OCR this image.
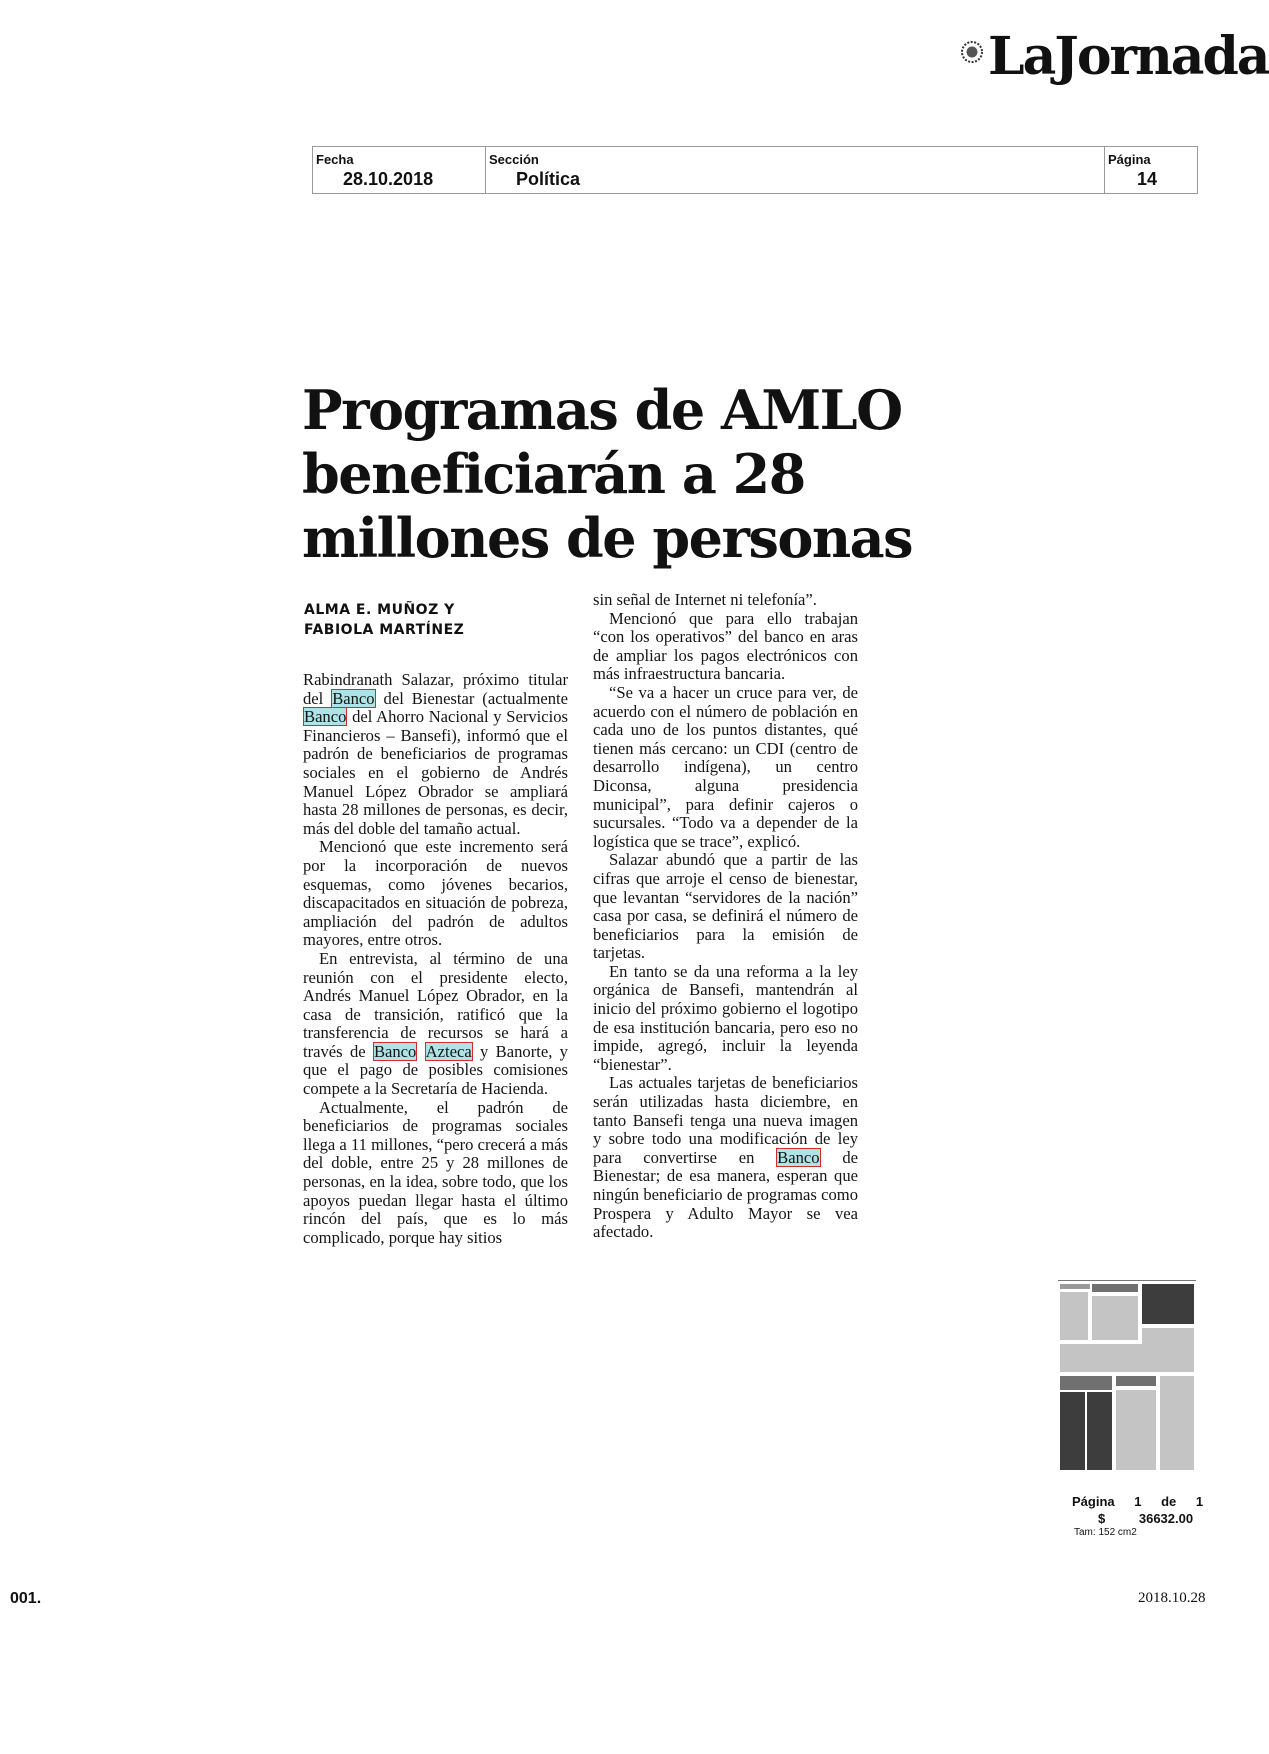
LaJornada
Fecha
28.10.2018
Sección
Política
Página
14
Programas de AMLO
beneficiarán a 28
millones de personas
ALMA E. MUÑOZ Y
FABIOLA MARTÍNEZ

Rabindranath Salazar, próximo titular del Banco del Bienestar (actualmente Banco del Ahorro Nacional y Servicios Financieros – Bansefi), informó que el padrón de beneficiarios de programas sociales en el gobierno de Andrés Manuel López Obrador se ampliará hasta 28 millones de personas, es decir, más del doble del tamaño actual.

Mencionó que este incremento será por la incorporación de nuevos esquemas, como jóvenes becarios, discapacitados en situación de pobreza, ampliación del padrón de adultos mayores, entre otros.

En entrevista, al término de una reunión con el presidente electo, Andrés Manuel López Obrador, en la casa de transición, ratificó que la transferencia de recursos se hará a través de Banco Azteca y Banorte, y que el pago de posibles comisiones compete a la Secretaría de Hacienda.

Actualmente, el padrón de beneficiarios de programas sociales llega a 11 millones, “pero crecerá a más del doble, entre 25 y 28 millones de personas, en la idea, sobre todo, que los apoyos puedan llegar hasta el último rincón del país, que es lo más complicado, porque hay sitios

sin señal de Internet ni telefonía”.

Mencionó que para ello trabajan “con los operativos” del banco en aras de ampliar los pagos electrónicos con más infraestructura bancaria.

“Se va a hacer un cruce para ver, de acuerdo con el número de población en cada uno de los puntos distantes, qué tienen más cercano: un CDI (centro de desarrollo indígena), un centro Diconsa, alguna presidencia municipal”, para definir cajeros o sucursales. “Todo va a depender de la logística que se trace”, explicó.

Salazar abundó que a partir de las cifras que arroje el censo de bienestar, que levantan “servidores de la nación” casa por casa, se definirá el número de beneficiarios para la emisión de tarjetas.

En tanto se da una reforma a la ley orgánica de Bansefi, mantendrán al inicio del próximo gobierno el logotipo de esa institución bancaria, pero eso no impide, agregó, incluir la leyenda “bienestar”.

Las actuales tarjetas de beneficiarios serán utilizadas hasta diciembre, en tanto Bansefi tenga una nueva imagen y sobre todo una modificación de ley para convertirse en Banco de Bienestar; de esa manera, esperan que ningún beneficiario de programas como Prospera y Adulto Mayor se vea afectado.

Página 1 de 1
$	36632.00
Tam: 152 cm2
001.	2018.10.28
